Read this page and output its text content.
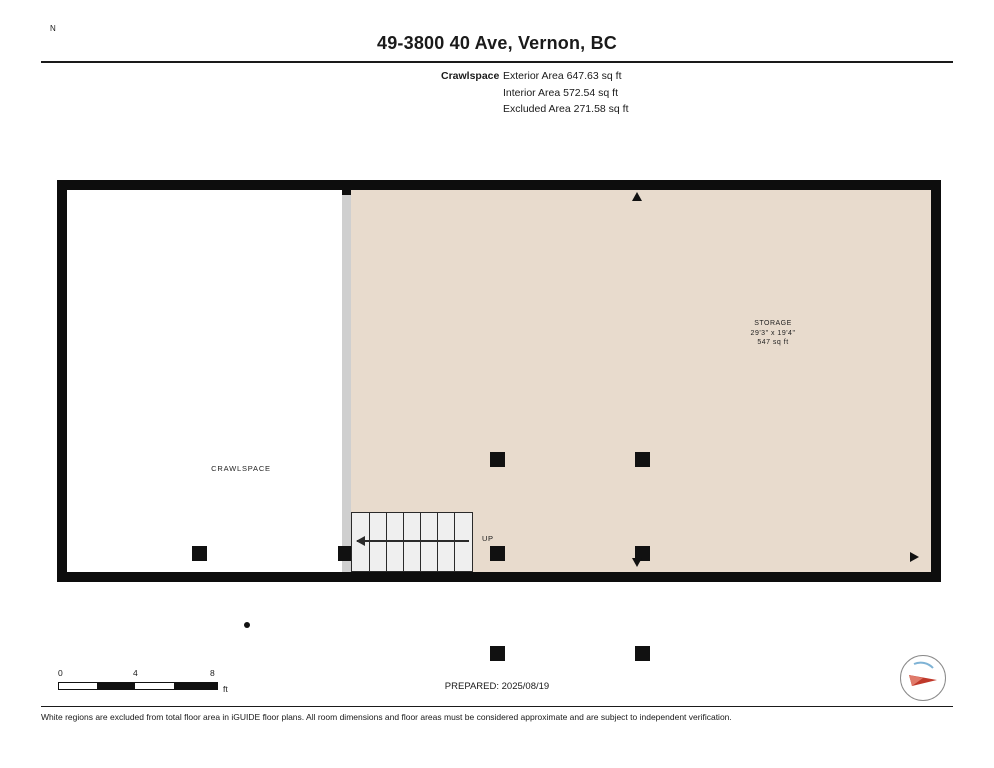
49-3800 40 Ave, Vernon, BC
Crawlspace Exterior Area 647.63 sq ft
Interior Area 572.54 sq ft
Excluded Area 271.58 sq ft
CRAWLSPACE
STORAGE
29'3" x 19'4"
547 sq ft
UP
0	4	8
ft	PREPARED: 2025/08/19
N
White regions are excluded from total floor area in iGUIDE floor plans. All room dimensions and floor areas must be considered approximate and are subject to independent verification.
